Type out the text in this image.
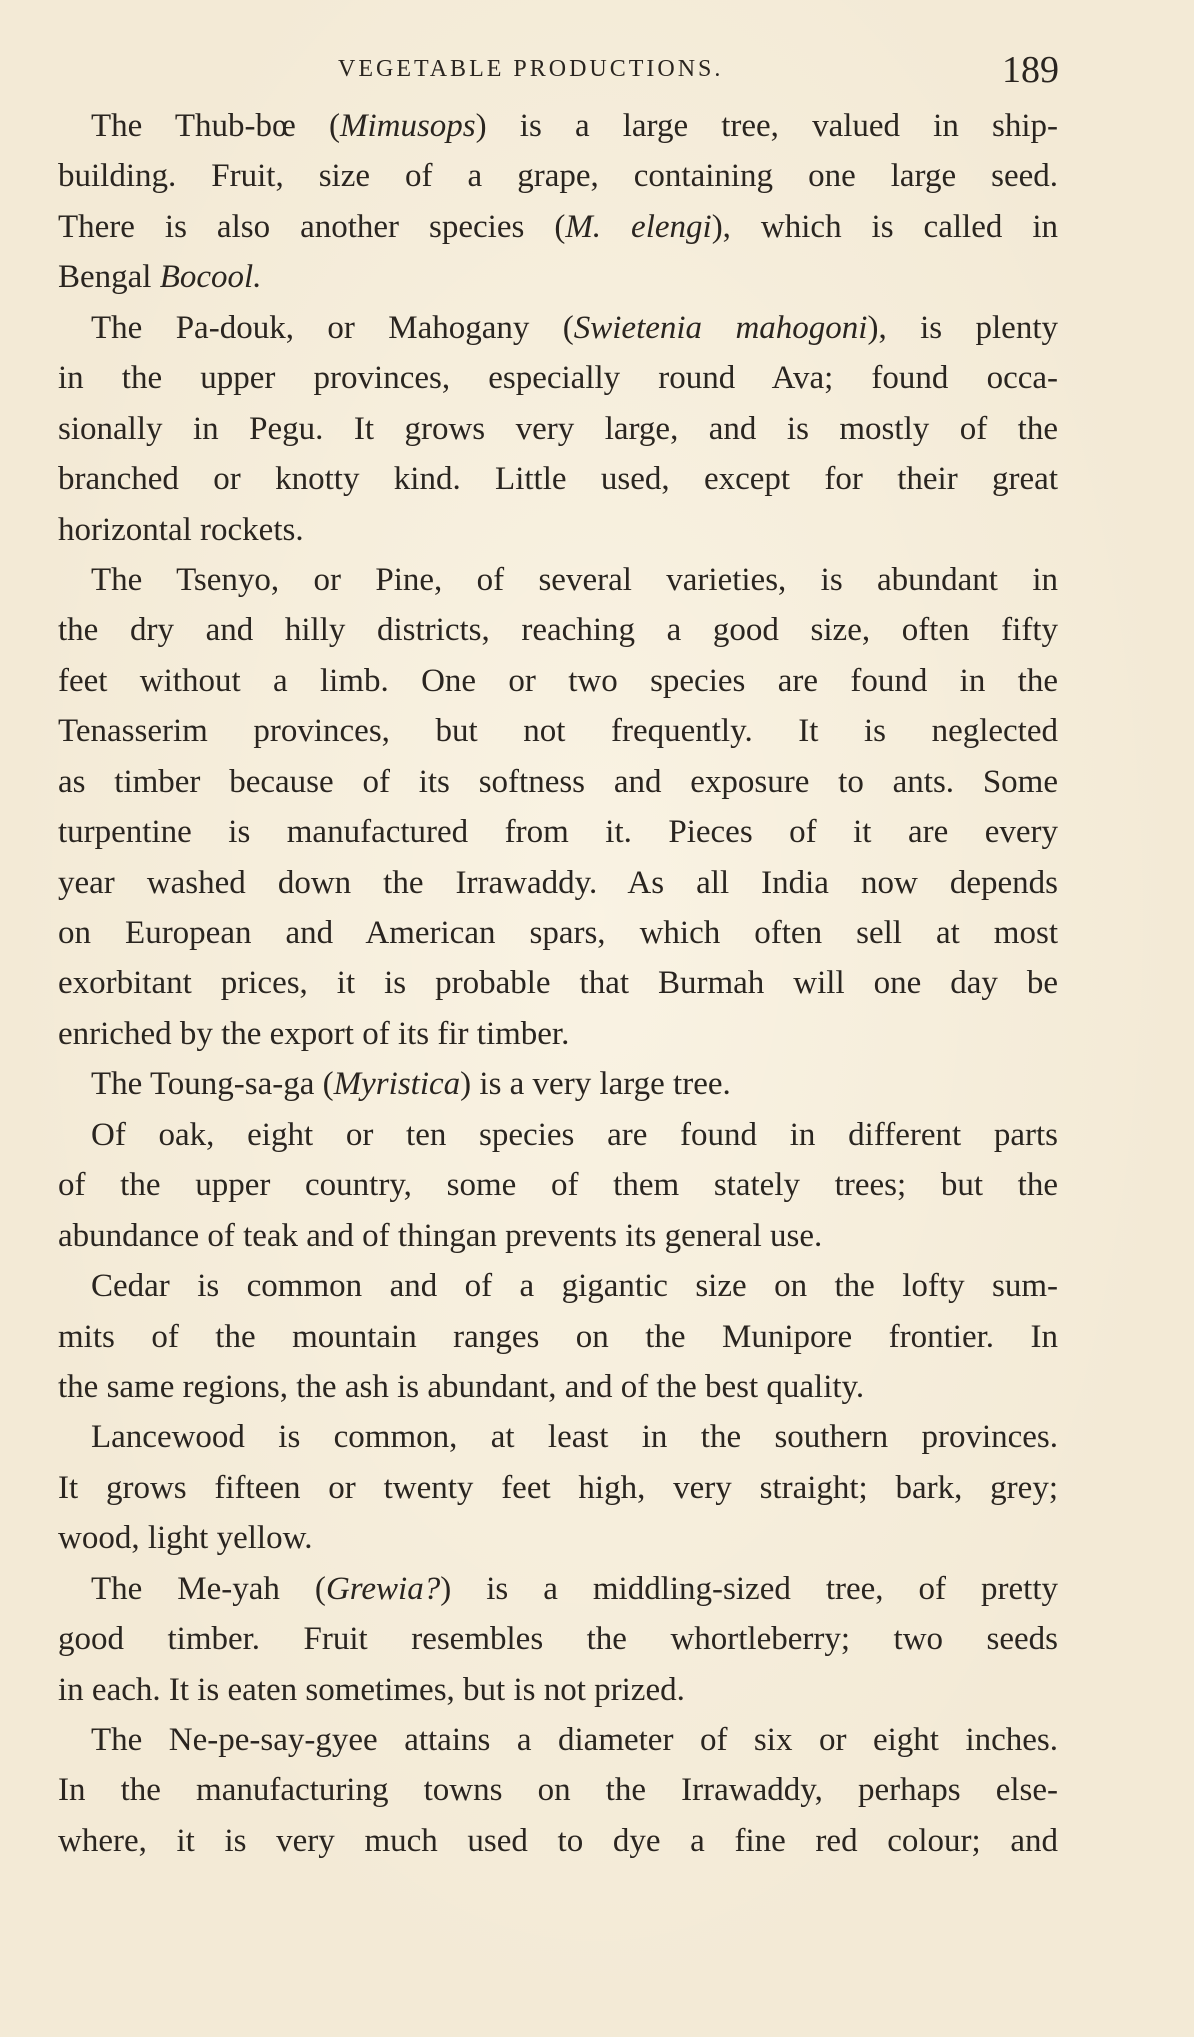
VEGETABLE PRODUCTIONS.	189
The Thub-bœ (Mimusops) is a large tree, valued in ship-
building. Fruit, size of a grape, containing one large seed.
There is also another species (M. elengi), which is called in
Bengal Bocool.
The Pa-douk, or Mahogany (Swietenia mahogoni), is plenty
in the upper provinces, especially round Ava; found occa-
sionally in Pegu. It grows very large, and is mostly of the
branched or knotty kind. Little used, except for their great
horizontal rockets.
The Tsenyo, or Pine, of several varieties, is abundant in
the dry and hilly districts, reaching a good size, often fifty
feet without a limb. One or two species are found in the
Tenasserim provinces, but not frequently. It is neglected
as timber because of its softness and exposure to ants. Some
turpentine is manufactured from it. Pieces of it are every
year washed down the Irrawaddy. As all India now depends
on European and American spars, which often sell at most
exorbitant prices, it is probable that Burmah will one day be
enriched by the export of its fir timber.
The Toung-sa-ga (Myristica) is a very large tree.
Of oak, eight or ten species are found in different parts
of the upper country, some of them stately trees; but the
abundance of teak and of thingan prevents its general use.
Cedar is common and of a gigantic size on the lofty sum-
mits of the mountain ranges on the Munipore frontier. In
the same regions, the ash is abundant, and of the best quality.
Lancewood is common, at least in the southern provinces.
It grows fifteen or twenty feet high, very straight; bark, grey;
wood, light yellow.
The Me-yah (Grewia?) is a middling-sized tree, of pretty
good timber. Fruit resembles the whortleberry; two seeds
in each. It is eaten sometimes, but is not prized.
The Ne-pe-say-gyee attains a diameter of six or eight inches.
In the manufacturing towns on the Irrawaddy, perhaps else-
where, it is very much used to dye a fine red colour; and
